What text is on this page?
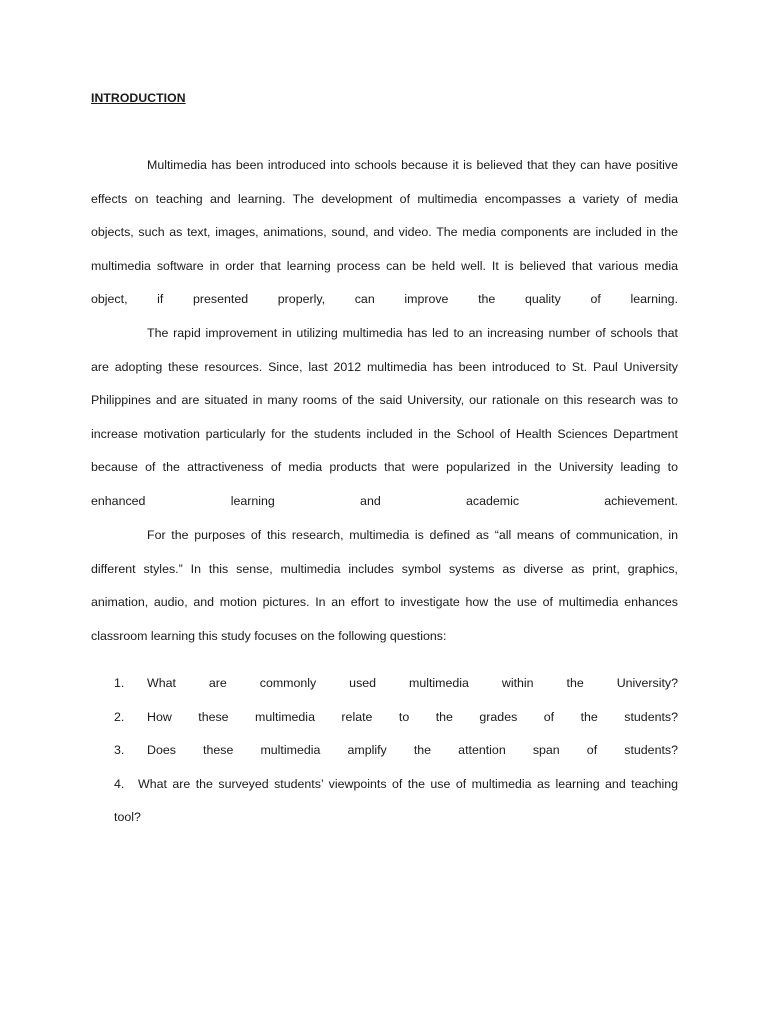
INTRODUCTION
Multimedia has been introduced into schools because it is believed that they can have positive
effects on teaching and learning. The development of multimedia encompasses a variety of media
objects, such as text, images, animations, sound, and video. The media components are included in the
multimedia software in order that learning process can be held well. It is believed that various media
object, if presented properly, can improve the quality of learning.
The rapid improvement in utilizing multimedia has led to an increasing number of schools that
are adopting these resources. Since, last 2012 multimedia has been introduced to St. Paul University
Philippines and are situated in many rooms of the said University, our rationale on this research was to
increase motivation particularly for the students included in the School of Health Sciences Department
because of the attractiveness of media products that were popularized in the University leading to
enhanced learning and academic achievement.
For the purposes of this research, multimedia is defined as “all means of communication, in
different styles.” In this sense, multimedia includes symbol systems as diverse as print, graphics,
animation, audio, and motion pictures. In an effort to investigate how the use of multimedia enhances
classroom learning this study focuses on the following questions:
1. What are commonly used multimedia within the University?
2. How these multimedia relate to the grades of the students?
3. Does these multimedia amplify the attention span of students?
4. What are the surveyed students’ viewpoints of the use of multimedia as learning and teaching
tool?
